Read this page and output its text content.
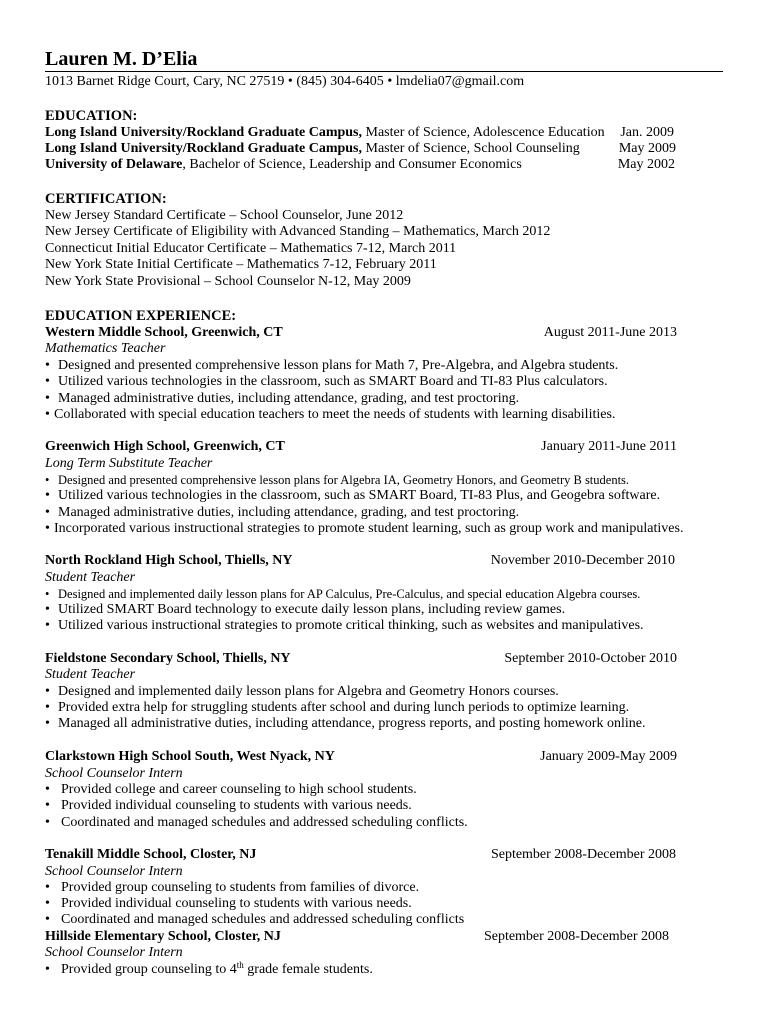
Lauren M. D’Elia
1013 Barnet Ridge Court, Cary, NC 27519 • (845) 304-6405 • lmdelia07@gmail.com
EDUCATION:
Long Island University/Rockland Graduate Campus, Master of Science, Adolescence Education Jan. 2009
Long Island University/Rockland Graduate Campus, Master of Science, School Counseling	May 2009
University of Delaware, Bachelor of Science, Leadership and Consumer Economics	May 2002
CERTIFICATION:
New Jersey Standard Certificate – School Counselor, June 2012
New Jersey Certificate of Eligibility with Advanced Standing – Mathematics, March 2012
Connecticut Initial Educator Certificate – Mathematics 7-12, March 2011
New York State Initial Certificate – Mathematics 7-12, February 2011
New York State Provisional – School Counselor N-12, May 2009
EDUCATION EXPERIENCE:
Western Middle School, Greenwich, CT	August 2011-June 2013
Mathematics Teacher
• Designed and presented comprehensive lesson plans for Math 7, Pre-Algebra, and Algebra students.
• Utilized various technologies in the classroom, such as SMART Board and TI-83 Plus calculators.
• Managed administrative duties, including attendance, grading, and test proctoring.
• Collaborated with special education teachers to meet the needs of students with learning disabilities.
Greenwich High School, Greenwich, CT	January 2011-June 2011
Long Term Substitute Teacher
• Designed and presented comprehensive lesson plans for Algebra IA, Geometry Honors, and Geometry B students.
• Utilized various technologies in the classroom, such as SMART Board, TI-83 Plus, and Geogebra software.
• Managed administrative duties, including attendance, grading, and test proctoring.
• Incorporated various instructional strategies to promote student learning, such as group work and manipulatives.
North Rockland High School, Thiells, NY	November 2010-December 2010
Student Teacher
• Designed and implemented daily lesson plans for AP Calculus, Pre-Calculus, and special education Algebra courses.
• Utilized SMART Board technology to execute daily lesson plans, including review games.
• Utilized various instructional strategies to promote critical thinking, such as websites and manipulatives.
Fieldstone Secondary School, Thiells, NY	September 2010-October 2010
Student Teacher
• Designed and implemented daily lesson plans for Algebra and Geometry Honors courses.
• Provided extra help for struggling students after school and during lunch periods to optimize learning.
• Managed all administrative duties, including attendance, progress reports, and posting homework online.
Clarkstown High School South, West Nyack, NY	January 2009-May 2009
School Counselor Intern
• Provided college and career counseling to high school students.
• Provided individual counseling to students with various needs.
• Coordinated and managed schedules and addressed scheduling conflicts.
Tenakill Middle School, Closter, NJ	September 2008-December 2008
School Counselor Intern
• Provided group counseling to students from families of divorce.
• Provided individual counseling to students with various needs.
• Coordinated and managed schedules and addressed scheduling conflicts
Hillside Elementary School, Closter, NJ	September 2008-December 2008
School Counselor Intern
• Provided group counseling to 4th grade female students.
